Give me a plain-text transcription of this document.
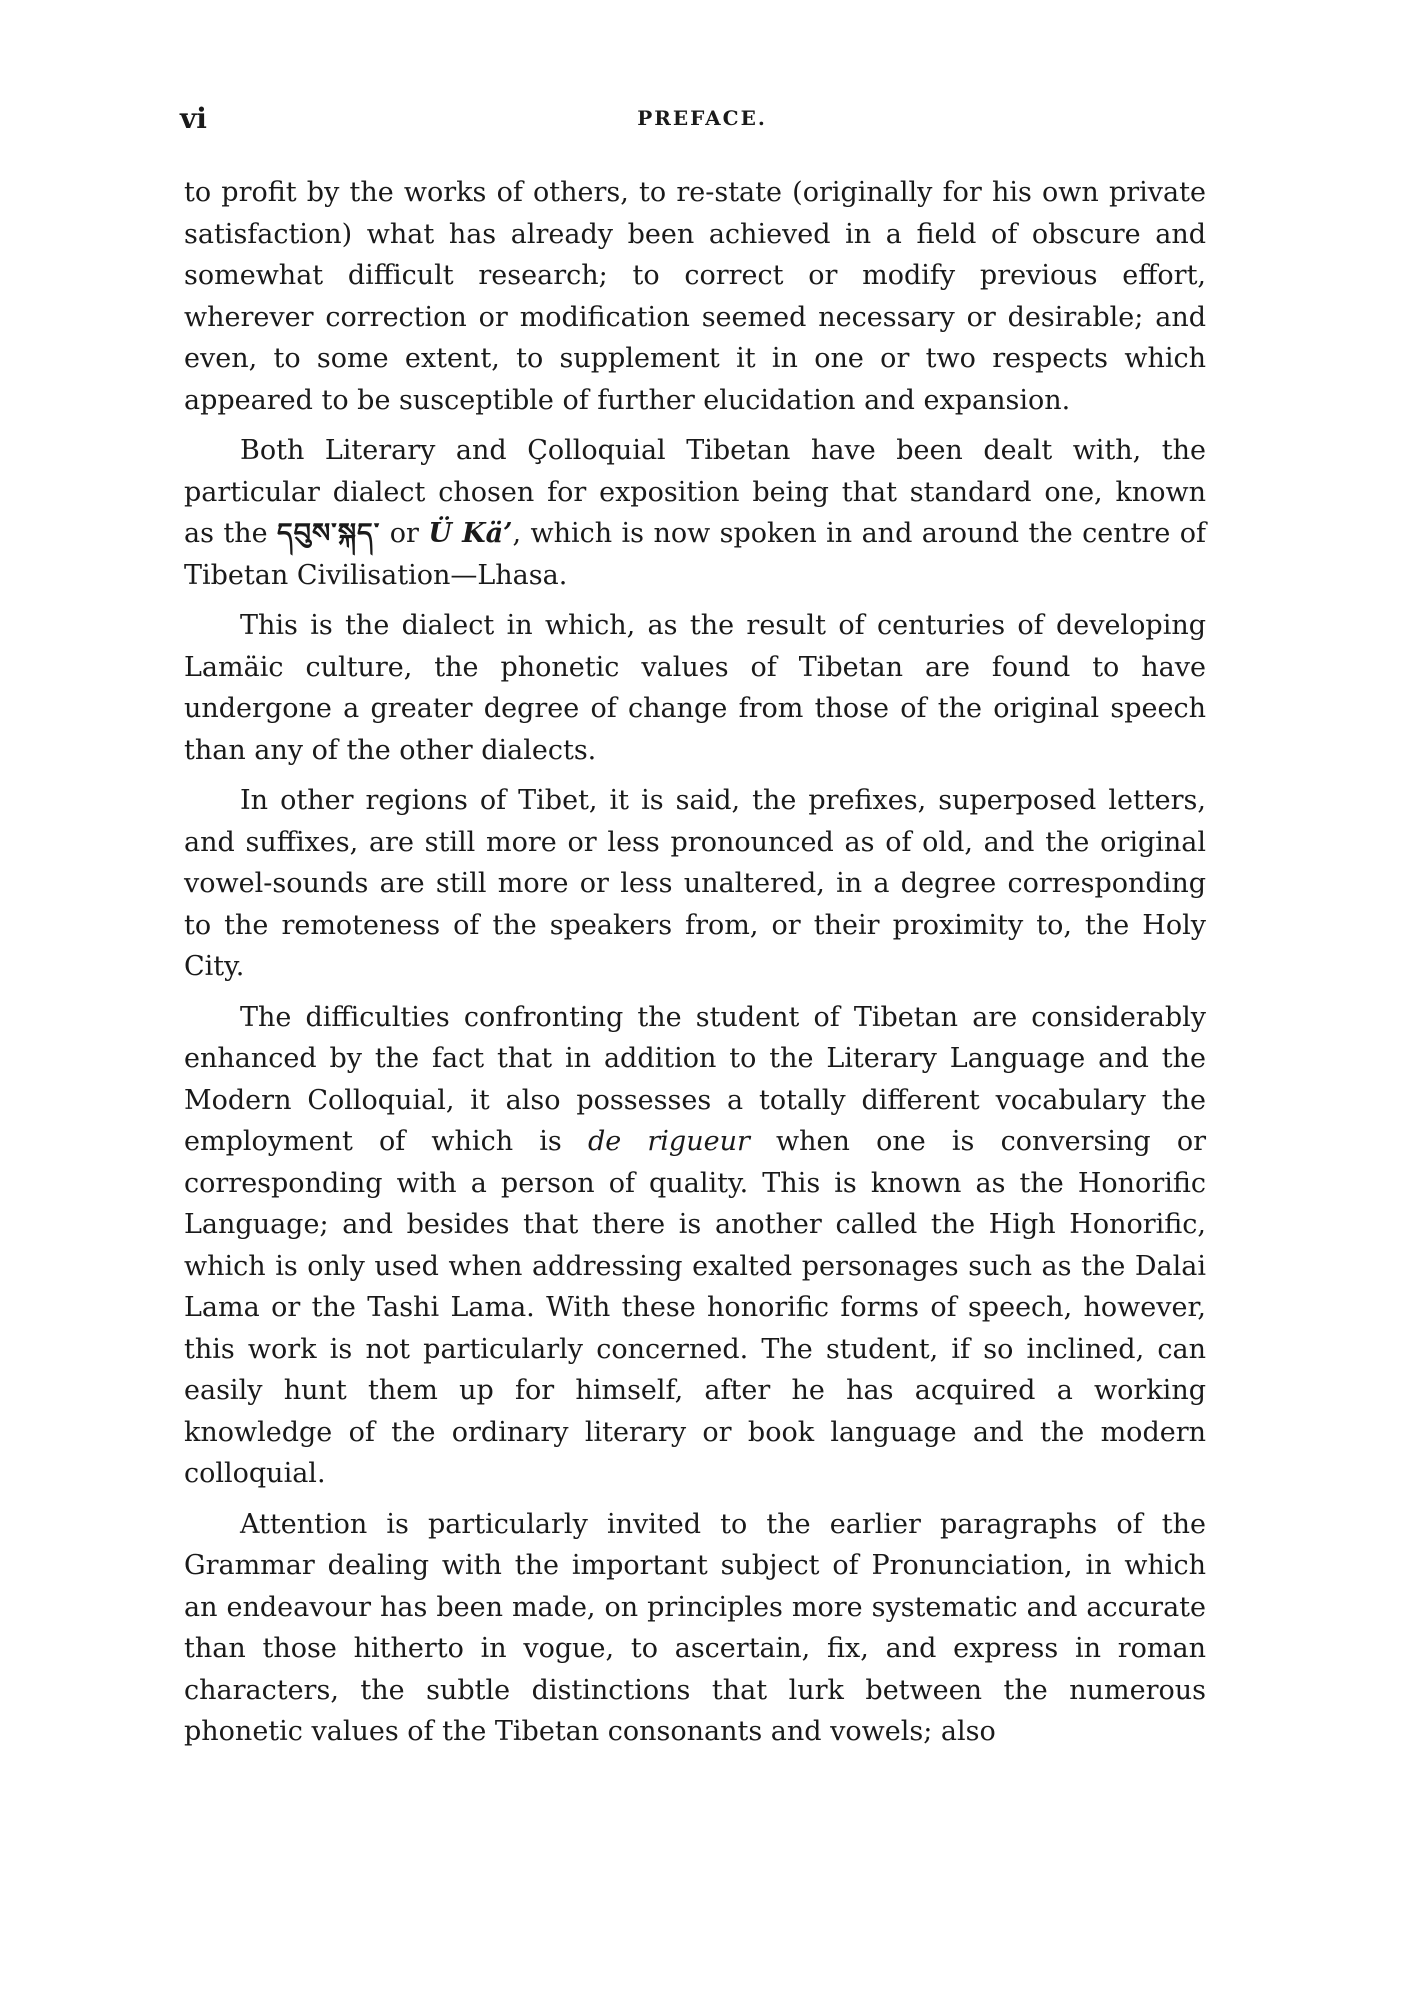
vi	PREFACE.

to profit by the works of others, to re-state (originally for his own private satisfaction) what has already been achieved in a field of obscure and somewhat difficult research; to correct or modify previous effort, wherever correction or modification seemed necessary or desirable; and even, to some extent, to supplement it in one or two respects which appeared to be susceptible of further elucidation and expansion.

Both Literary and Çolloquial Tibetan have been dealt with, the particular dialect chosen for exposition being that standard one, known as the དབུས་སྐད་ or Ü Kä’, which is now spoken in and around the centre of Tibetan Civilisation—Lhasa.

This is the dialect in which, as the result of centuries of developing Lamäic culture, the phonetic values of Tibetan are found to have undergone a greater degree of change from those of the original speech than any of the other dialects.

In other regions of Tibet, it is said, the prefixes, superposed letters, and suffixes, are still more or less pronounced as of old, and the original vowel-sounds are still more or less unaltered, in a degree corresponding to the remoteness of the speakers from, or their proximity to, the Holy City.

The difficulties confronting the student of Tibetan are considerably enhanced by the fact that in addition to the Literary Language and the Modern Colloquial, it also possesses a totally different vocabulary the employment of which is de rigueur when one is conversing or corresponding with a person of quality. This is known as the Honorific Language; and besides that there is another called the High Honorific, which is only used when addressing exalted personages such as the Dalai Lama or the Tashi Lama. With these honorific forms of speech, however, this work is not particularly concerned. The student, if so inclined, can easily hunt them up for himself, after he has acquired a working knowledge of the ordinary literary or book language and the modern colloquial.

Attention is particularly invited to the earlier paragraphs of the Grammar dealing with the important subject of Pronunciation, in which an endeavour has been made, on principles more systematic and accurate than those hitherto in vogue, to ascertain, fix, and express in roman characters, the subtle distinctions that lurk between the numerous phonetic values of the Tibetan consonants and vowels; also
